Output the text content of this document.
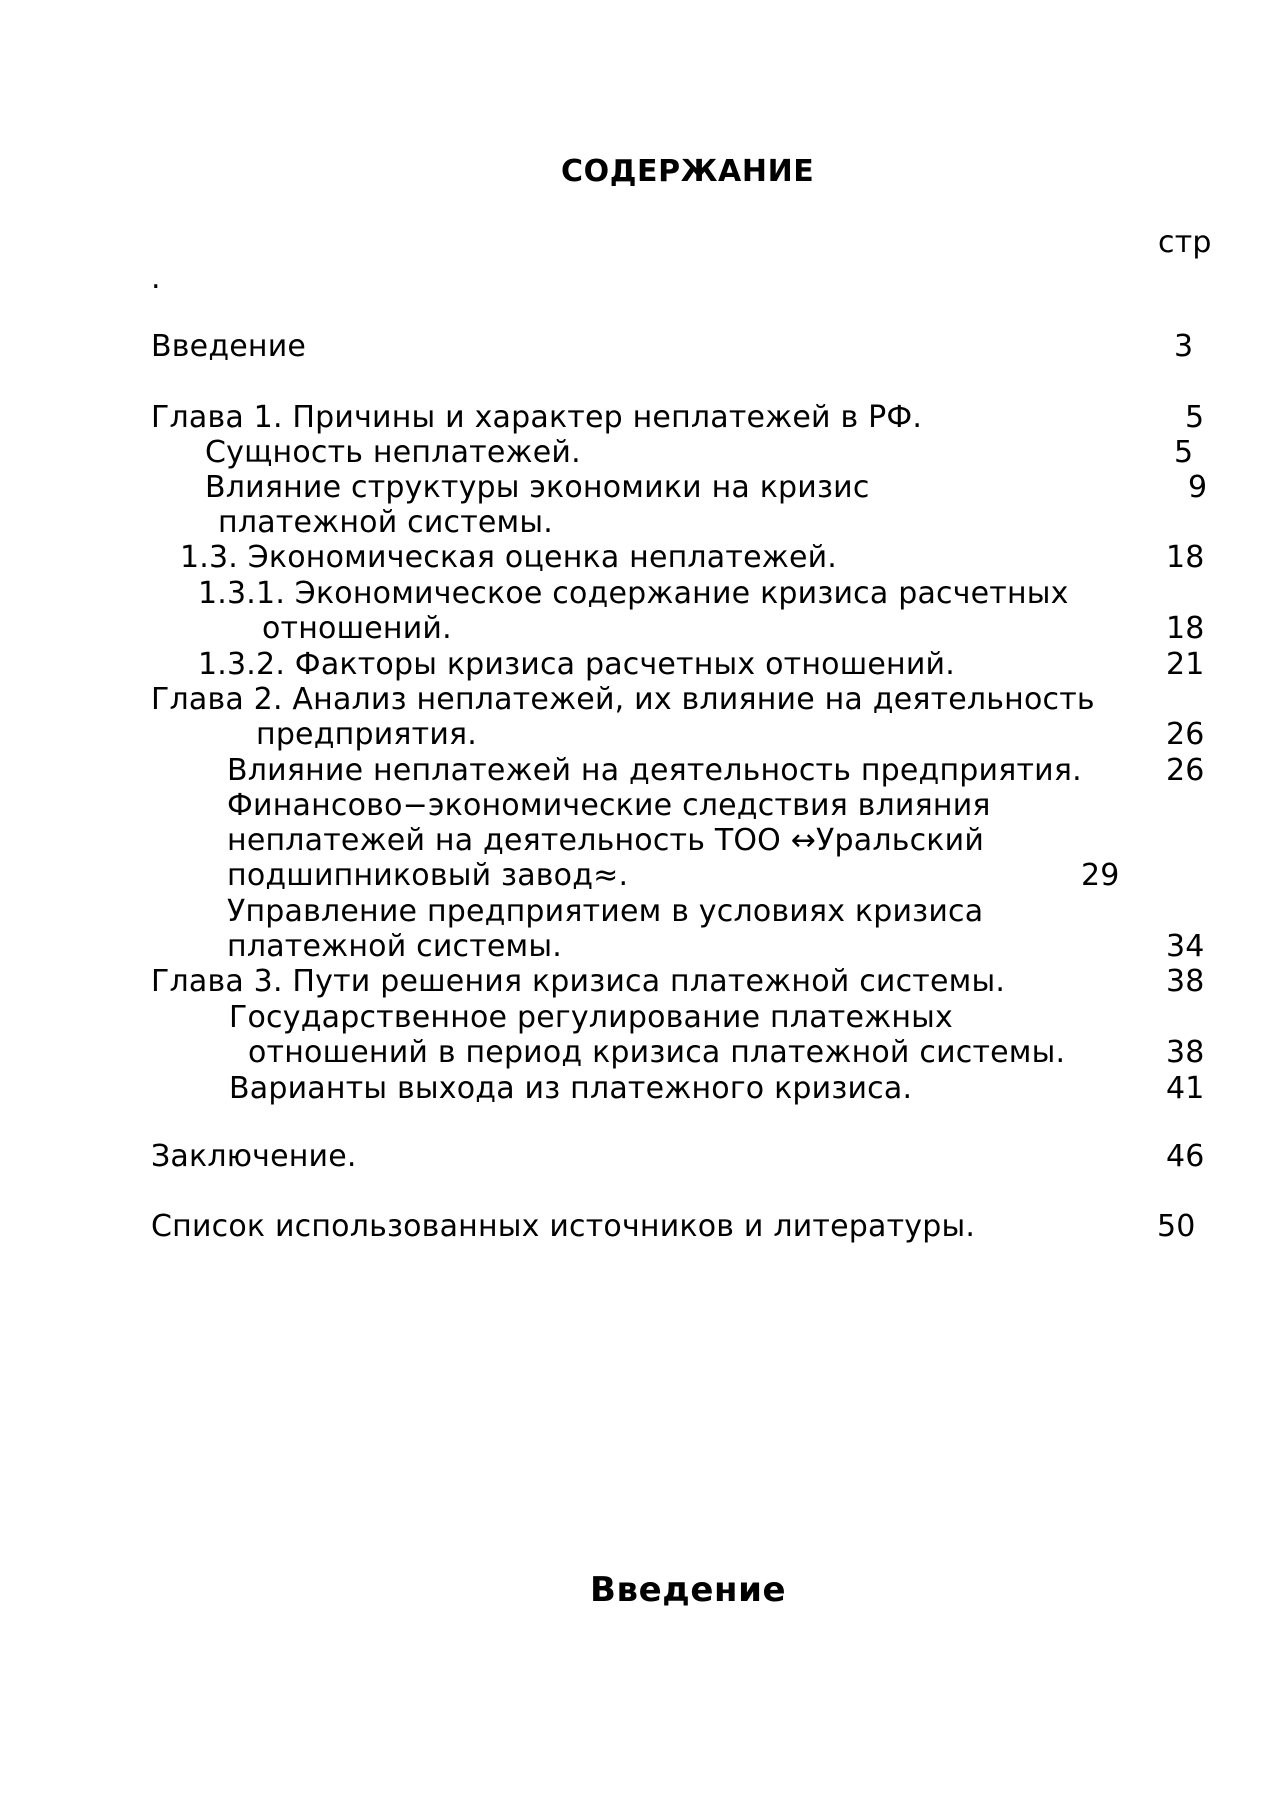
СОДЕРЖАНИЕ
стр
.
Введение	3
Глава 1. Причины и характер неплатежей в РФ.	5
Сущность неплатежей.	5
Влияние структуры экономики на кризис	9
платежной системы.
1.3. Экономическая оценка неплатежей.	18
1.3.1. Экономическое содержание кризиса расчетных
отношений.	18
1.3.2. Факторы кризиса расчетных отношений.	21
Глава 2. Анализ неплатежей, их влияние на деятельность
предприятия.	26
Влияние неплатежей на деятельность предприятия.	26
Финансово−экономические следствия влияния
неплатежей на деятельность ТОО ↔Уральский
подшипниковый завод≈.	29
Управление предприятием в условиях кризиса
платежной системы.	34
Глава 3. Пути решения кризиса платежной системы.	38
Государственное регулирование платежных
отношений в период кризиса платежной системы.	38
Варианты выхода из платежного кризиса.	41
Заключение.	46
Список использованных источников и литературы.	50
Введение
